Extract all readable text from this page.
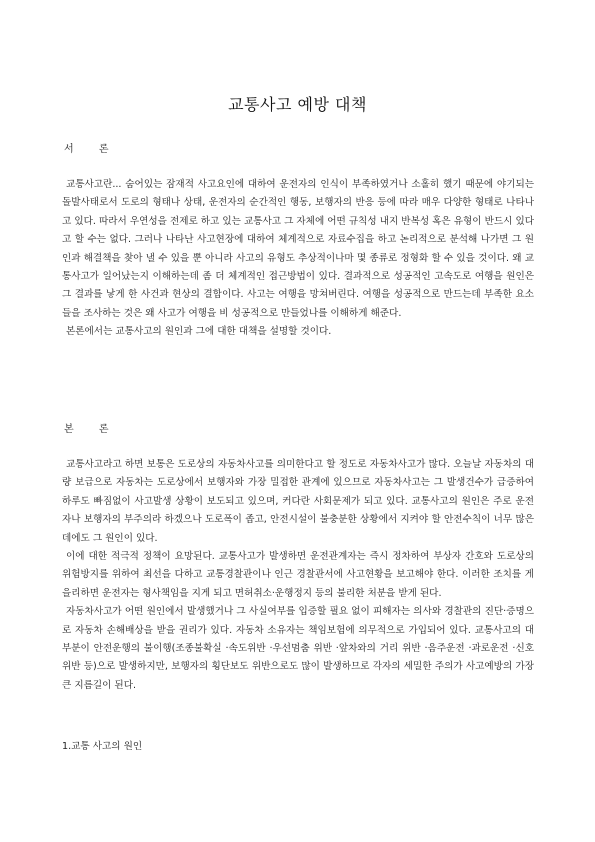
교통사고 예방 대책
서 론

교통사고란... 숨어있는 잠재적 사고요인에 대하여 운전자의 인식이 부족하였거나 소홀히 했기 때문에 야기되는 돌발사태로서 도로의 형태나 상태, 운전자의 순간적인 행동, 보행자의 반응 등에 따라 매우 다양한 형태로 나타나고 있다. 따라서 우연성을 전제로 하고 있는 교통사고 그 자체에 어떤 규칙성 내지 반복성 혹은 유형이 반드시 있다고 할 수는 없다. 그러나 나타난 사고현장에 대하여 체계적으로 자료수집을 하고 논리적으로 분석해 나가면 그 원인과 해결책을 찾아 낼 수 있을 뿐 아니라 사고의 유형도 추상적이나마 몇 종류로 정형화 할 수 있을 것이다. 왜 교통사고가 일어났는지 이해하는데 좀 더 체계적인 접근방법이 있다. 결과적으로 성공적인 고속도로 여행을 원인은 그 결과를 낳게 한 사건과 현상의 결합이다. 사고는 여행을 망쳐버린다. 여행을 성공적으로 만드는데 부족한 요소들을 조사하는 것은 왜 사고가 여행을 비 성공적으로 만들었나를 이해하게 해준다.

본론에서는 교통사고의 원인과 그에 대한 대책을 설명할 것이다.

본 론

교통사고라고 하면 보통은 도로상의 자동차사고를 의미한다고 할 정도로 자동차사고가 많다. 오늘날 자동차의 대량 보급으로 자동차는 도로상에서 보행자와 가장 밀접한 관계에 있으므로 자동차사고는 그 발생건수가 급증하여 하루도 빠짐없이 사고발생 상황이 보도되고 있으며, 커다란 사회문제가 되고 있다. 교통사고의 원인은 주로 운전자나 보행자의 부주의라 하겠으나 도로폭이 좁고, 안전시설이 불충분한 상황에서 지켜야 할 안전수칙이 너무 많은 데에도 그 원인이 있다.

이에 대한 적극적 정책이 요망된다. 교통사고가 발생하면 운전관계자는 즉시 정차하여 부상자 간호와 도로상의 위험방지를 위하여 최선을 다하고 교통경찰관이나 인근 경찰관서에 사고현황을 보고해야 한다. 이러한 조치를 게을리하면 운전자는 형사책임을 지게 되고 면허취소·운행정지 등의 불리한 처분을 받게 된다.

자동차사고가 어떤 원인에서 발생했거나 그 사실여부를 입증할 필요 없이 피해자는 의사와 경찰관의 진단·증명으로 자동차 손해배상을 받을 권리가 있다. 자동차 소유자는 책임보험에 의무적으로 가입되어 있다. 교통사고의 대부분이 안전운행의 불이행(조종불확실 ·속도위반 ·우선멈춤 위반 ·앞차와의 거리 위반 ·음주운전 ·과로운전 ·신호위반 등)으로 발생하지만, 보행자의 횡단보도 위반으로도 많이 발생하므로 각자의 세밀한 주의가 사고예방의 가장 큰 지름길이 된다.

1.교통 사고의 원인
